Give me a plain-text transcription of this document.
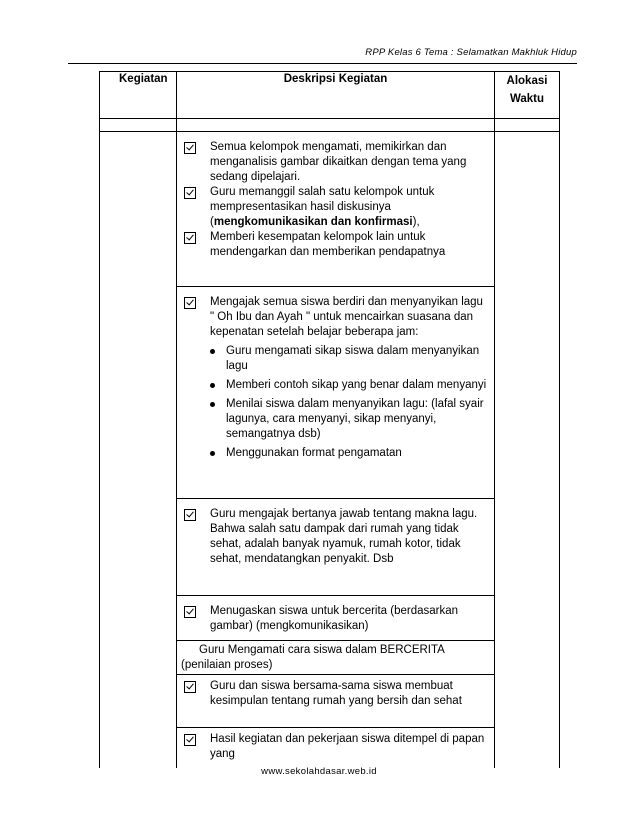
RPP Kelas 6 Tema : Selamatkan Makhluk Hidup
Kegiatan	Deskripsi Kegiatan	Alokasi
Waktu

	Semua kelompok mengamati, memikirkan dan menganalisis gambar dikaitkan dengan tema yang sedang dipelajari.
Guru memanggil salah satu kelompok untuk mempresentasikan hasil diskusinya (mengkomunikasikan dan konfirmasi),
Memberi kesempatan kelompok lain untuk mendengarkan dan memberikan pendapatnya	

	Mengajak semua siswa berdiri dan menyanyikan lagu " Oh Ibu dan Ayah " untuk mencairkan suasana dan kepenatan setelah belajar beberapa jam:
Guru mengamati sikap siswa dalam menyanyikan lagu
Memberi contoh sikap yang benar dalam menyanyi
Menilai siswa dalam menyanyikan lagu: (lafal syair lagunya, cara menyanyi, sikap menyanyi, semangatnya dsb)
Menggunakan format pengamatan	

	Guru mengajak bertanya jawab tentang makna lagu. Bahwa salah satu dampak dari rumah yang tidak sehat, adalah banyak nyamuk, rumah kotor, tidak sehat, mendatangkan penyakit. Dsb	

	Menugaskan siswa untuk bercerita (berdasarkan gambar) (mengkomunikasikan)	

	Guru Mengamati cara siswa dalam BERCERITA
(penilaian proses)	

	Guru dan siswa bersama-sama siswa membuat kesimpulan tentang rumah yang bersih dan sehat	

	Hasil kegiatan dan pekerjaan siswa ditempel di papan yang	
www.sekolahdasar.web.id
